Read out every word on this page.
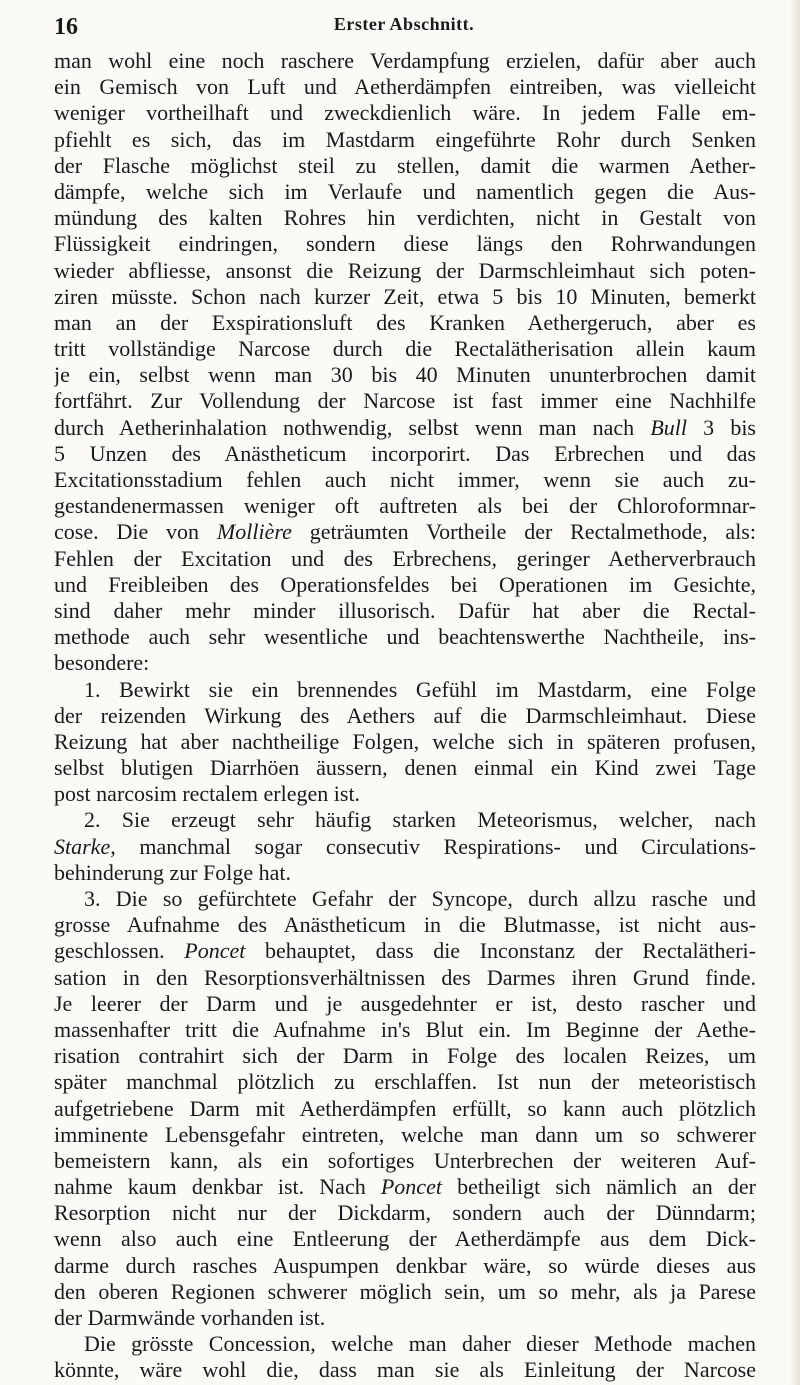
16	Erster Abschnitt.
man wohl eine noch raschere Verdampfung erzielen, dafür aber auch
ein Gemisch von Luft und Aetherdämpfen eintreiben, was vielleicht
weniger vortheilhaft und zweckdienlich wäre. In jedem Falle em-
pfiehlt es sich, das im Mastdarm eingeführte Rohr durch Senken
der Flasche möglichst steil zu stellen, damit die warmen Aether-
dämpfe, welche sich im Verlaufe und namentlich gegen die Aus-
mündung des kalten Rohres hin verdichten, nicht in Gestalt von
Flüssigkeit eindringen, sondern diese längs den Rohrwandungen
wieder abfliesse, ansonst die Reizung der Darmschleimhaut sich poten-
ziren müsste. Schon nach kurzer Zeit, etwa 5 bis 10 Minuten, bemerkt
man an der Exspirationsluft des Kranken Aethergeruch, aber es
tritt vollständige Narcose durch die Rectalätherisation allein kaum
je ein, selbst wenn man 30 bis 40 Minuten ununterbrochen damit
fortfährt. Zur Vollendung der Narcose ist fast immer eine Nachhilfe
durch Aetherinhalation nothwendig, selbst wenn man nach Bull 3 bis
5 Unzen des Anästheticum incorporirt. Das Erbrechen und das
Excitationsstadium fehlen auch nicht immer, wenn sie auch zu-
gestandenermassen weniger oft auftreten als bei der Chloroformnar-
cose. Die von Mollière geträumten Vortheile der Rectalmethode, als:
Fehlen der Excitation und des Erbrechens, geringer Aetherverbrauch
und Freibleiben des Operationsfeldes bei Operationen im Gesichte,
sind daher mehr minder illusorisch. Dafür hat aber die Rectal-
methode auch sehr wesentliche und beachtenswerthe Nachtheile, ins-
besondere:
1. Bewirkt sie ein brennendes Gefühl im Mastdarm, eine Folge
der reizenden Wirkung des Aethers auf die Darmschleimhaut. Diese
Reizung hat aber nachtheilige Folgen, welche sich in späteren profusen,
selbst blutigen Diarrhöen äussern, denen einmal ein Kind zwei Tage
post narcosim rectalem erlegen ist.
2. Sie erzeugt sehr häufig starken Meteorismus, welcher, nach
Starke, manchmal sogar consecutiv Respirations- und Circulations-
behinderung zur Folge hat.
3. Die so gefürchtete Gefahr der Syncope, durch allzu rasche und
grosse Aufnahme des Anästheticum in die Blutmasse, ist nicht aus-
geschlossen. Poncet behauptet, dass die Inconstanz der Rectalätheri-
sation in den Resorptionsverhältnissen des Darmes ihren Grund finde.
Je leerer der Darm und je ausgedehnter er ist, desto rascher und
massenhafter tritt die Aufnahme in's Blut ein. Im Beginne der Aethe-
risation contrahirt sich der Darm in Folge des localen Reizes, um
später manchmal plötzlich zu erschlaffen. Ist nun der meteoristisch
aufgetriebene Darm mit Aetherdämpfen erfüllt, so kann auch plötzlich
imminente Lebensgefahr eintreten, welche man dann um so schwerer
bemeistern kann, als ein sofortiges Unterbrechen der weiteren Auf-
nahme kaum denkbar ist. Nach Poncet betheiligt sich nämlich an der
Resorption nicht nur der Dickdarm, sondern auch der Dünndarm;
wenn also auch eine Entleerung der Aetherdämpfe aus dem Dick-
darme durch rasches Auspumpen denkbar wäre, so würde dieses aus
den oberen Regionen schwerer möglich sein, um so mehr, als ja Parese
der Darmwände vorhanden ist.
Die grösste Concession, welche man daher dieser Methode machen
könnte, wäre wohl die, dass man sie als Einleitung der Narcose
